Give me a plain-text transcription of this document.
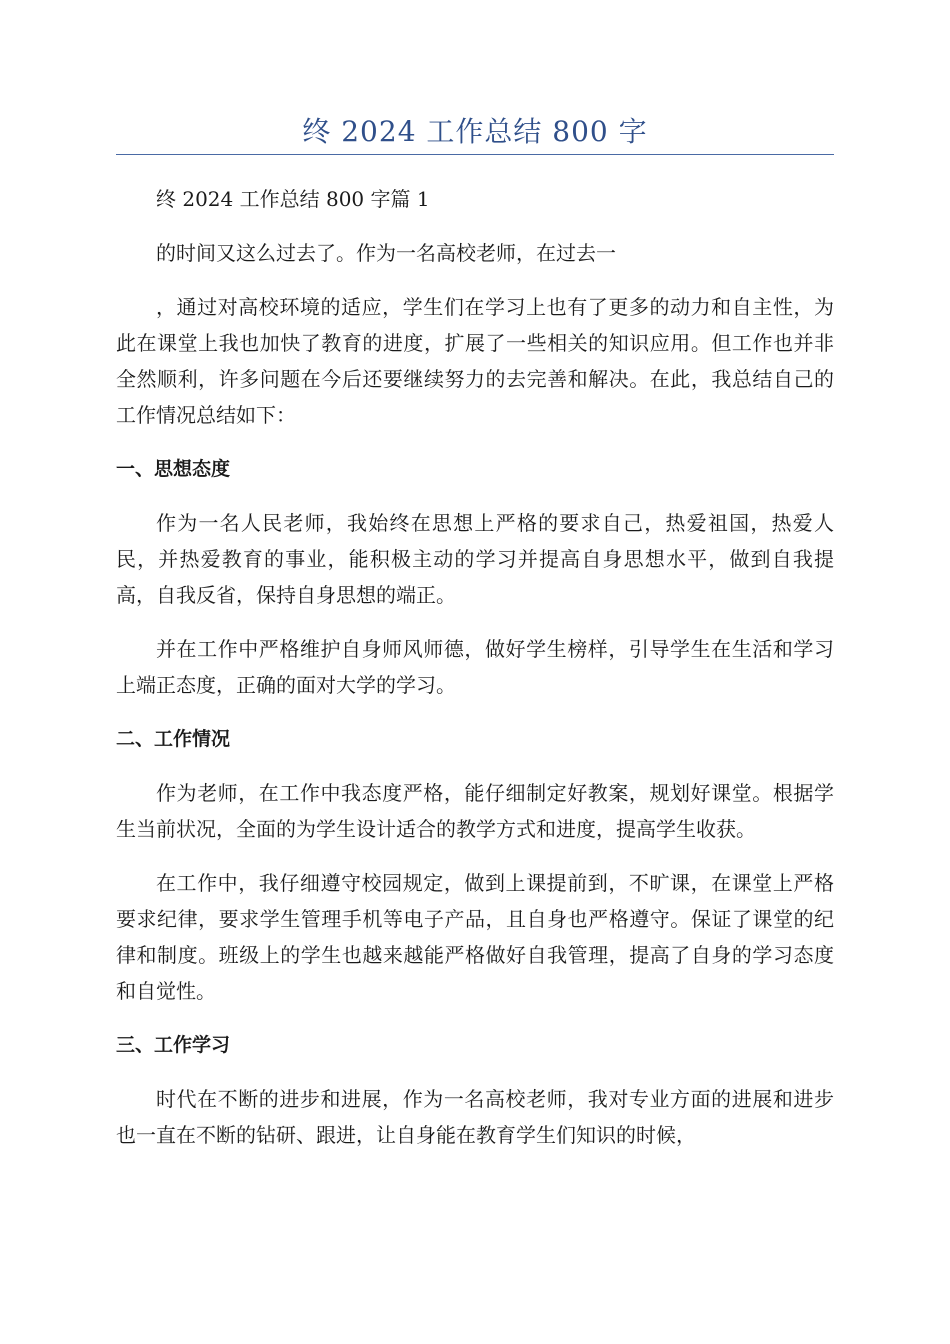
终 2024 工作总结 800 字

终 2024 工作总结 800 字篇 1

的时间又这么过去了。作为一名高校老师，在过去一

，通过对高校环境的适应，学生们在学习上也有了更多的动力和自主性，为此在课堂上我也加快了教育的进度，扩展了一些相关的知识应用。但工作也并非全然顺利，许多问题在今后还要继续努力的去完善和解决。在此，我总结自己的工作情况总结如下：

一、思想态度

作为一名人民老师，我始终在思想上严格的要求自己，热爱祖国，热爱人民，并热爱教育的事业，能积极主动的学习并提高自身思想水平，做到自我提高，自我反省，保持自身思想的端正。

并在工作中严格维护自身师风师德，做好学生榜样，引导学生在生活和学习上端正态度，正确的面对大学的学习。

二、工作情况

作为老师，在工作中我态度严格，能仔细制定好教案，规划好课堂。根据学生当前状况，全面的为学生设计适合的教学方式和进度，提高学生收获。

在工作中，我仔细遵守校园规定，做到上课提前到，不旷课，在课堂上严格要求纪律，要求学生管理手机等电子产品，且自身也严格遵守。保证了课堂的纪律和制度。班级上的学生也越来越能严格做好自我管理，提高了自身的学习态度和自觉性。

三、工作学习

时代在不断的进步和进展，作为一名高校老师，我对专业方面的进展和进步也一直在不断的钻研、跟进，让自身能在教育学生们知识的时候，
